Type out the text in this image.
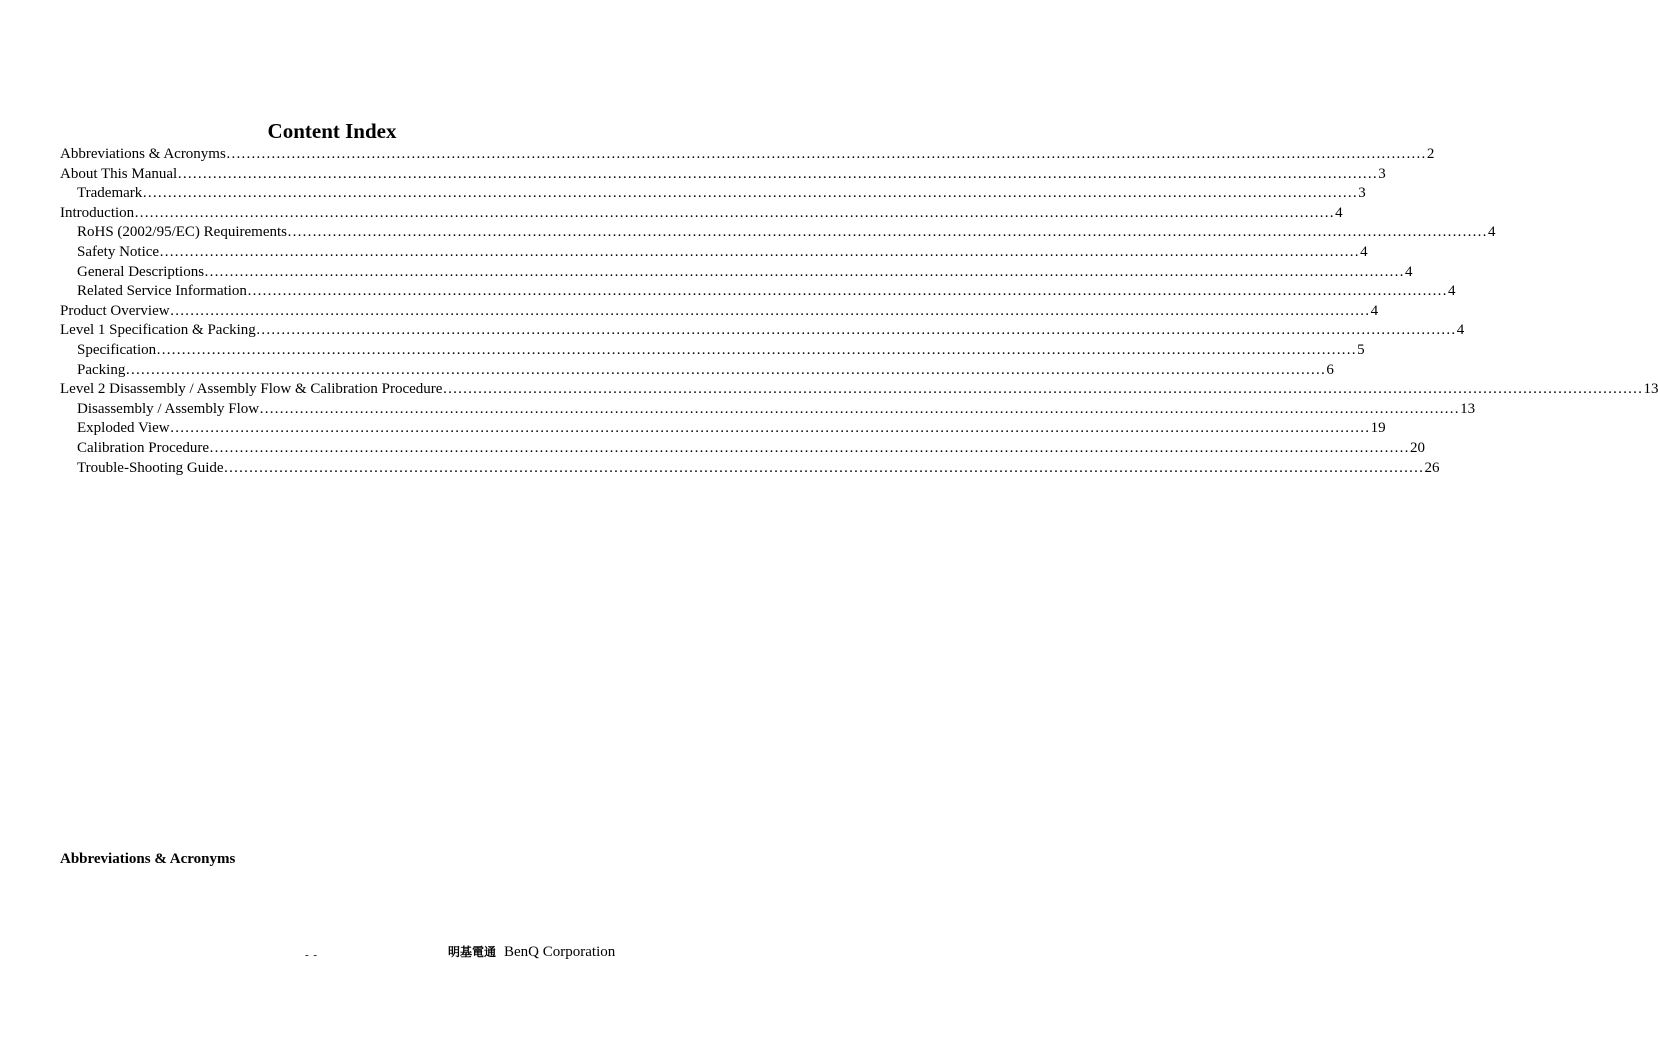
Content Index
Abbreviations & Acronyms …………………………………………………………………………………………………………………………………………………………………………………………………………………… 2
About This Manual …………………………………………………………………………………………………………………………………………………………………………………………………………………… 3
Trademark… …………………………………………………………………………………………………………………………………………………………………………………………………………………… 3
Introduction …………………………………………………………………………………………………………………………………………………………………………………………………………………… 4
RoHS (2002/95/EC) Requirements …………………………………………………………………………………………………………………………………………………………………………………………………………………… 4
Safety Notice …………………………………………………………………………………………………………………………………………………………………………………………………………………… 4
General Descriptions …………………………………………………………………………………………………………………………………………………………………………………………………………………… 4
Related Service Information …………………………………………………………………………………………………………………………………………………………………………………………………………………… 4
Product Overview …………………………………………………………………………………………………………………………………………………………………………………………………………………… 4
Level 1 Specification & Packing …………………………………………………………………………………………………………………………………………………………………………………………………………………… 4
Specification …………………………………………………………………………………………………………………………………………………………………………………………………………………… 5
Packing …………………………………………………………………………………………………………………………………………………………………………………………………………………… 6
Level 2 Disassembly / Assembly Flow & Calibration Procedure …………………………………………………………………………………………………………………………………………………………………………………………………………………… 13
Disassembly / Assembly Flow …………………………………………………………………………………………………………………………………………………………………………………………………………………… 13
Exploded View …………………………………………………………………………………………………………………………………………………………………………………………………………………… 19
Calibration Procedure …………………………………………………………………………………………………………………………………………………………………………………………………………………… 20
Trouble-Shooting Guide …………………………………………………………………………………………………………………………………………………………………………………………………………………… 26
Abbreviations & Acronyms
- -	明基電通 BenQ Corporation
